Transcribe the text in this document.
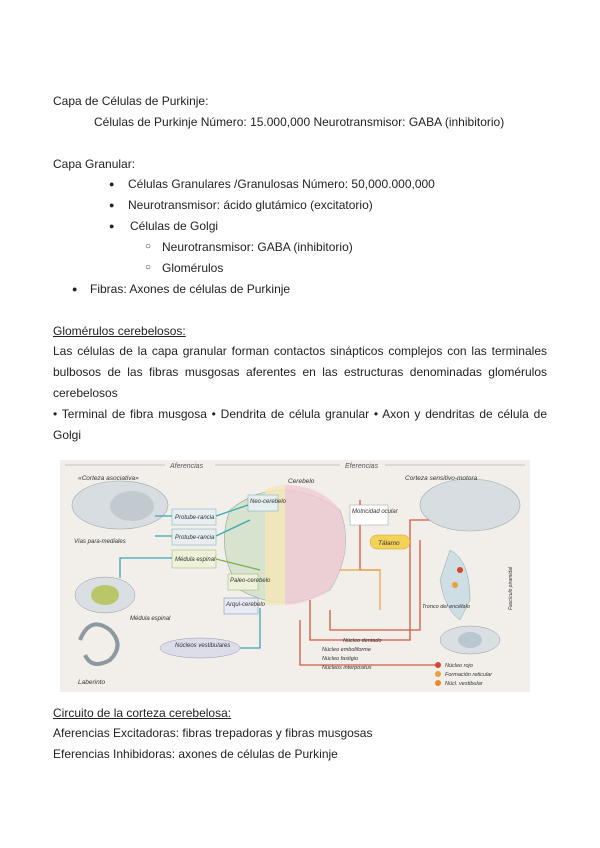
Capa de Células de Purkinje:
Células de Purkinje Número: 15.000,000 Neurotransmisor: GABA (inhibitorio)
Capa Granular:
● Células Granulares /Granulosas Número: 50,000.000,000
● Neurotransmisor: ácido glutámico (excitatorio)
● Células de Golgi
○ Neurotransmisor: GABA (inhibitorio)
○ Glomérulos
● Fibras: Axones de células de Purkinje
Glomérulos cerebelosos:
Las células de la capa granular forman contactos sinápticos complejos con las terminales bulbosos de las fibras musgosas aferentes en las estructuras denominadas glomérulos cerebelosos
• Terminal de fibra musgosa • Dendrita de célula granular • Axon y dendritas de célula de Golgi
Aferencias	Eferencias
«Corteza asociativa»
Vías para-mediales
Protube-rancia
Protube-rancia
Médula espinal
Médula espinal
Laberinto
Núcleos vestibulares
Neo-cerebelo
Cerebelo
Paleo-cerebelo
Arqui-cerebelo
Núcleo dentado
Núcleo emboliforme
Núcleo fastigio
Núcleos interpositus
Motricidad ocular
Corteza sensitivo-motora
Tálamo
Tronco del encéfalo	Fascículo piramidal
Núcleo rojo
Formación reticular
Núcl. vestibular
Circuito de la corteza cerebelosa:
Aferencias Excitadoras: fibras trepadoras y fibras musgosas
Eferencias Inhibidoras: axones de células de Purkinje
